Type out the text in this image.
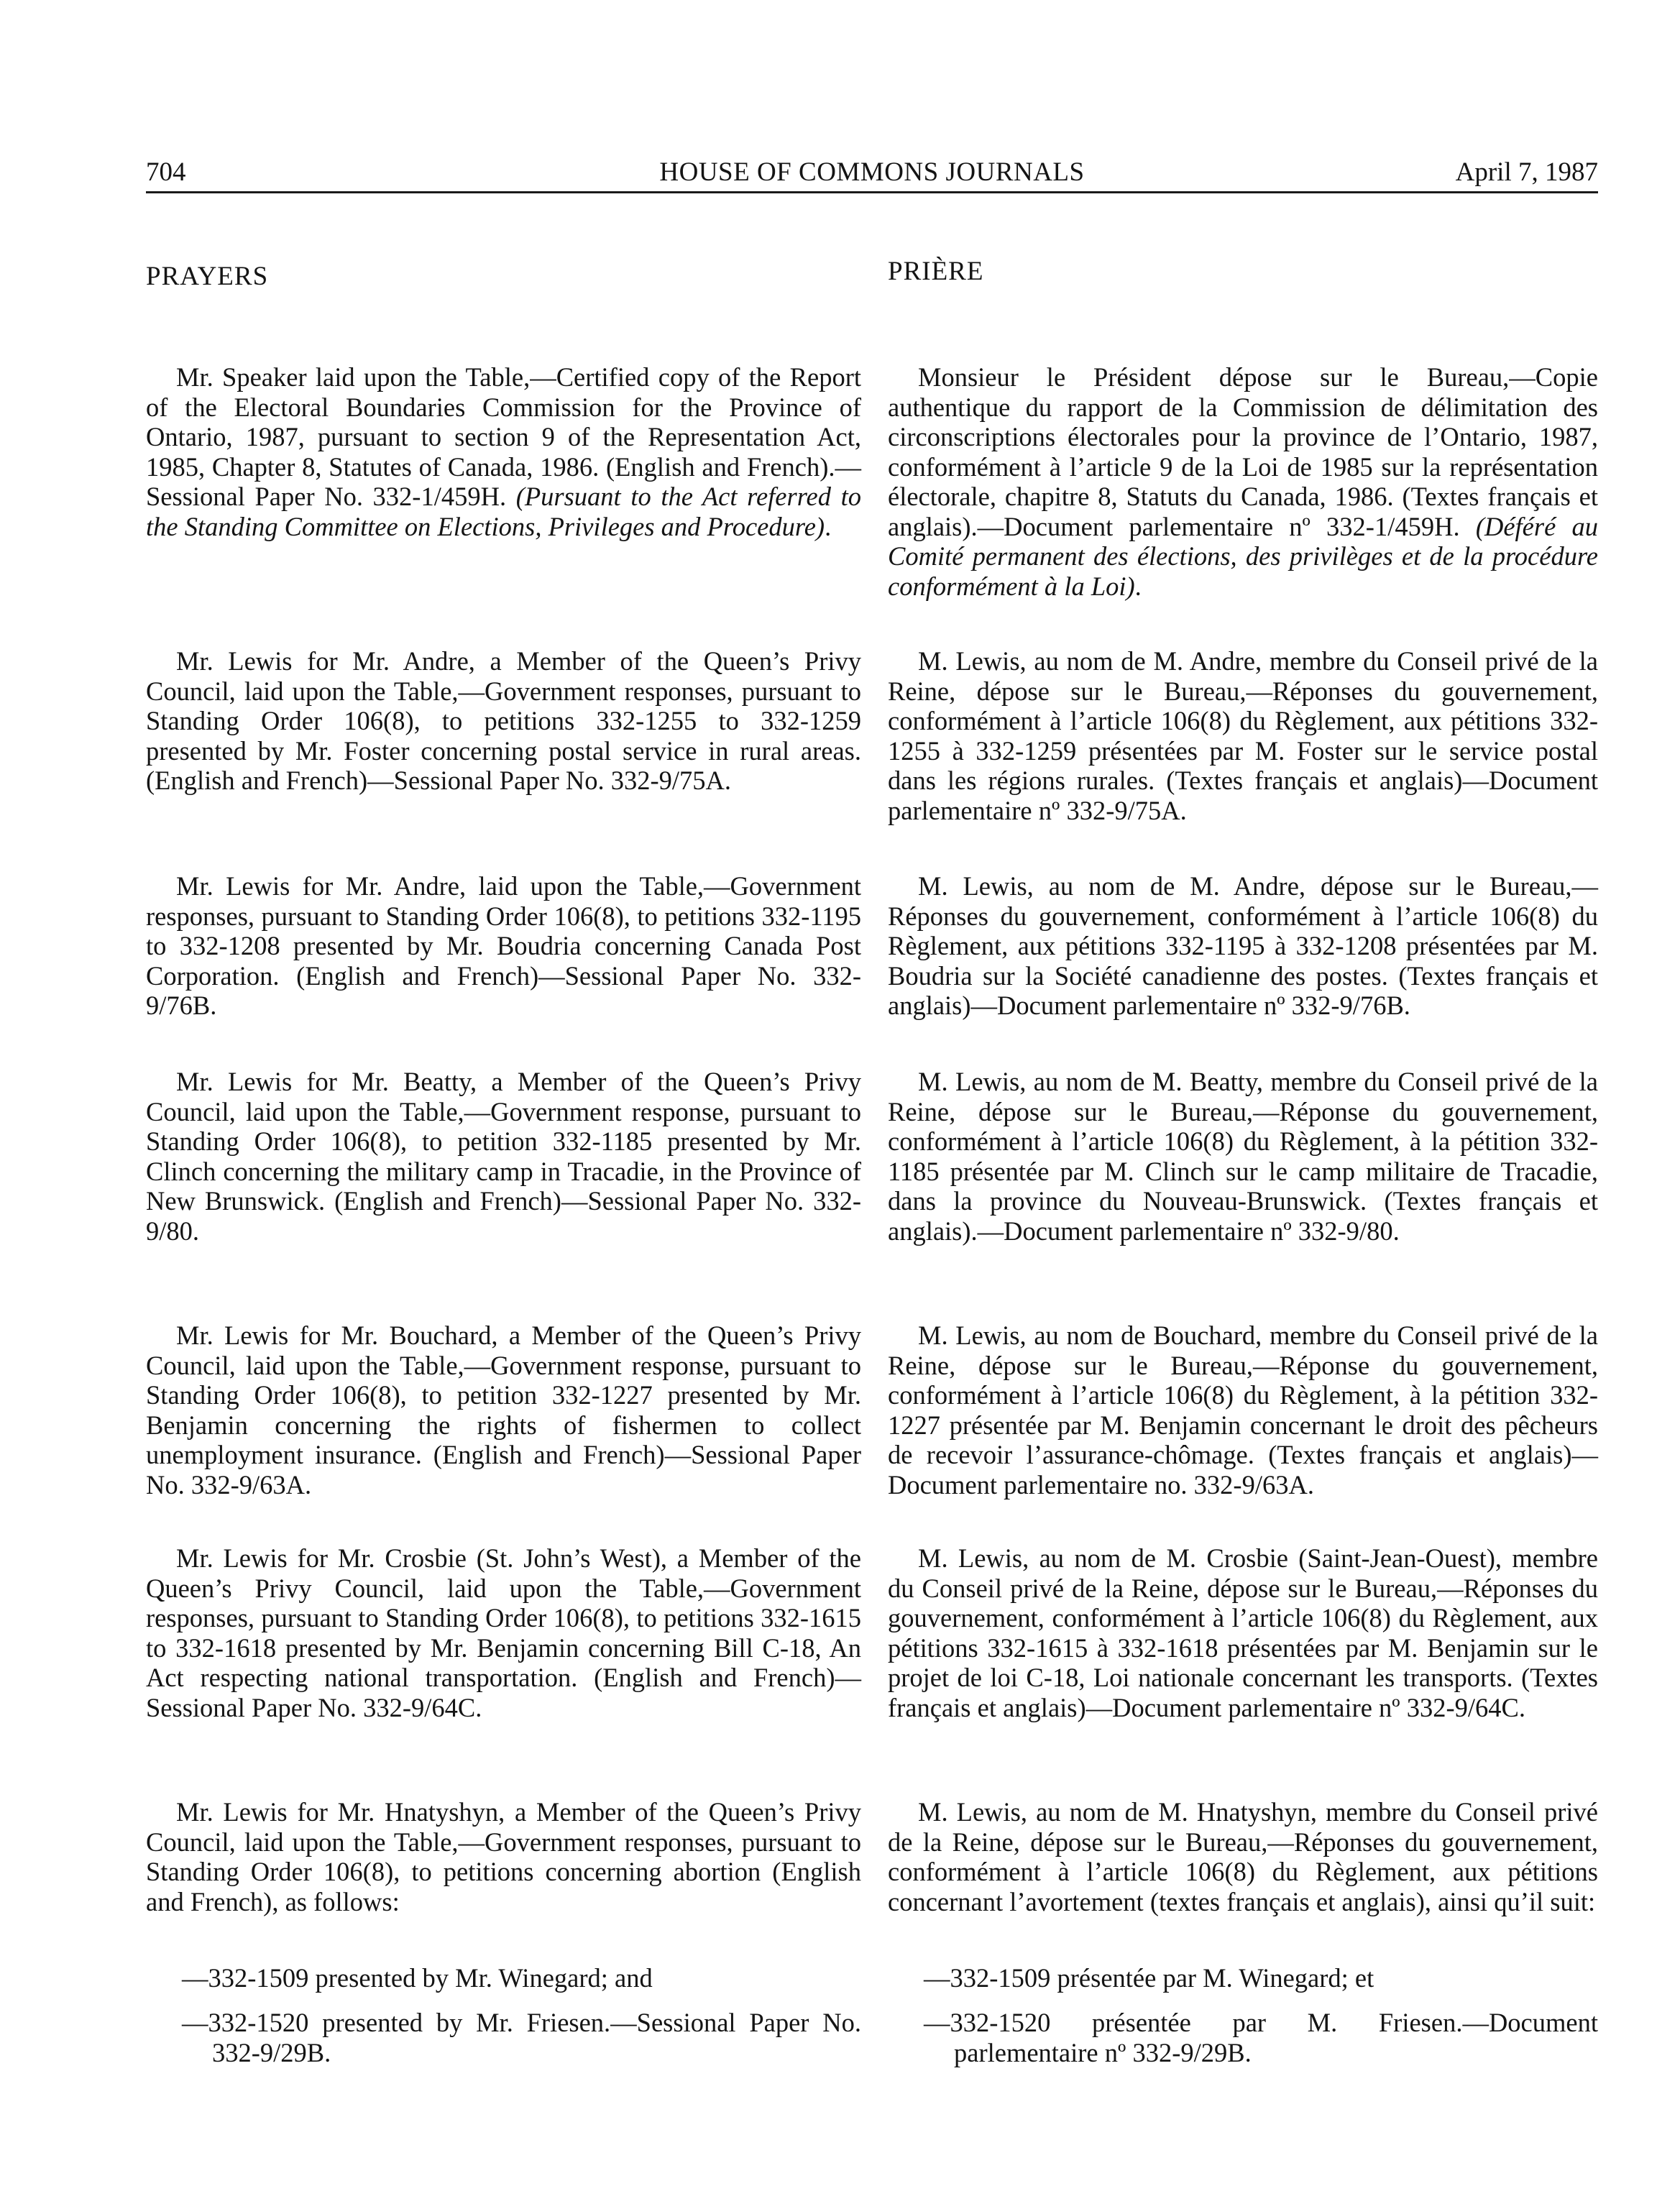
704	HOUSE OF COMMONS JOURNALS	April 7, 1987
PRAYERS
Mr. Speaker laid upon the Table,—Certified copy of the Report of the Electoral Boundaries Commission for the Province of Ontario, 1987, pursuant to section 9 of the Representation Act, 1985, Chapter 8, Statutes of Canada, 1986. (English and French).—Sessional Paper No. 332-1/459H. (Pursuant to the Act referred to the Standing Committee on Elections, Privileges and Procedure).
Mr. Lewis for Mr. Andre, a Member of the Queen’s Privy Council, laid upon the Table,—Government responses, pursuant to Standing Order 106(8), to petitions 332-1255 to 332-1259 presented by Mr. Foster concerning postal service in rural areas. (English and French)—Sessional Paper No. 332-9/75A.
Mr. Lewis for Mr. Andre, laid upon the Table,—Government responses, pursuant to Standing Order 106(8), to petitions 332-1195 to 332-1208 presented by Mr. Boudria concerning Canada Post Corporation. (English and French)—Sessional Paper No. 332-9/76B.
Mr. Lewis for Mr. Beatty, a Member of the Queen’s Privy Council, laid upon the Table,—Government response, pursuant to Standing Order 106(8), to petition 332-1185 presented by Mr. Clinch concerning the military camp in Tracadie, in the Province of New Brunswick. (English and French)—Sessional Paper No. 332-9/80.
Mr. Lewis for Mr. Bouchard, a Member of the Queen’s Privy Council, laid upon the Table,—Government response, pursuant to Standing Order 106(8), to petition 332-1227 presented by Mr. Benjamin concerning the rights of fishermen to collect unemployment insurance. (English and French)—Sessional Paper No. 332-9/63A.
Mr. Lewis for Mr. Crosbie (St. John’s West), a Member of the Queen’s Privy Council, laid upon the Table,—Government responses, pursuant to Standing Order 106(8), to petitions 332-1615 to 332-1618 presented by Mr. Benjamin concerning Bill C-18, An Act respecting national transportation. (English and French)—Sessional Paper No. 332-9/64C.
Mr. Lewis for Mr. Hnatyshyn, a Member of the Queen’s Privy Council, laid upon the Table,—Government responses, pursuant to Standing Order 106(8), to petitions concerning abortion (English and French), as follows:
—332-1509 presented by Mr. Winegard; and
—332-1520 presented by Mr. Friesen.—Sessional Paper No. 332-9/29B.
PRIÈRE
Monsieur le Président dépose sur le Bureau,—Copie authentique du rapport de la Commission de délimitation des circonscriptions électorales pour la province de l’Ontario, 1987, conformément à l’article 9 de la Loi de 1985 sur la représentation électorale, chapitre 8, Statuts du Canada, 1986. (Textes français et anglais).—Document parlementaire nº 332-1/459H. (Déféré au Comité permanent des élections, des privilèges et de la procédure conformément à la Loi).
M. Lewis, au nom de M. Andre, membre du Conseil privé de la Reine, dépose sur le Bureau,—Réponses du gouvernement, conformément à l’article 106(8) du Règlement, aux pétitions 332-1255 à 332-1259 présentées par M. Foster sur le service postal dans les régions rurales. (Textes français et anglais)—Document parlementaire nº 332-9/75A.
M. Lewis, au nom de M. Andre, dépose sur le Bureau,—Réponses du gouvernement, conformément à l’article 106(8) du Règlement, aux pétitions 332-1195 à 332-1208 présentées par M. Boudria sur la Société canadienne des postes. (Textes français et anglais)—Document parlementaire nº 332-9/76B.
M. Lewis, au nom de M. Beatty, membre du Conseil privé de la Reine, dépose sur le Bureau,—Réponse du gouvernement, conformément à l’article 106(8) du Règlement, à la pétition 332-1185 présentée par M. Clinch sur le camp militaire de Tracadie, dans la province du Nouveau-Brunswick. (Textes français et anglais).—Document parlementaire nº 332-9/80.
M. Lewis, au nom de Bouchard, membre du Conseil privé de la Reine, dépose sur le Bureau,—Réponse du gouvernement, conformément à l’article 106(8) du Règlement, à la pétition 332-1227 présentée par M. Benjamin concernant le droit des pêcheurs de recevoir l’assurance-chômage. (Textes français et anglais)—Document parlementaire no. 332-9/63A.
M. Lewis, au nom de M. Crosbie (Saint-Jean-Ouest), membre du Conseil privé de la Reine, dépose sur le Bureau,—Réponses du gouvernement, conformément à l’article 106(8) du Règlement, aux pétitions 332-1615 à 332-1618 présentées par M. Benjamin sur le projet de loi C-18, Loi nationale concernant les transports. (Textes français et anglais)—Document parlementaire nº 332-9/64C.
M. Lewis, au nom de M. Hnatyshyn, membre du Conseil privé de la Reine, dépose sur le Bureau,—Réponses du gouvernement, conformément à l’article 106(8) du Règlement, aux pétitions concernant l’avortement (textes français et anglais), ainsi qu’il suit:
—332-1509 présentée par M. Winegard; et
—332-1520 présentée par M. Friesen.—Document parlementaire nº 332-9/29B.
